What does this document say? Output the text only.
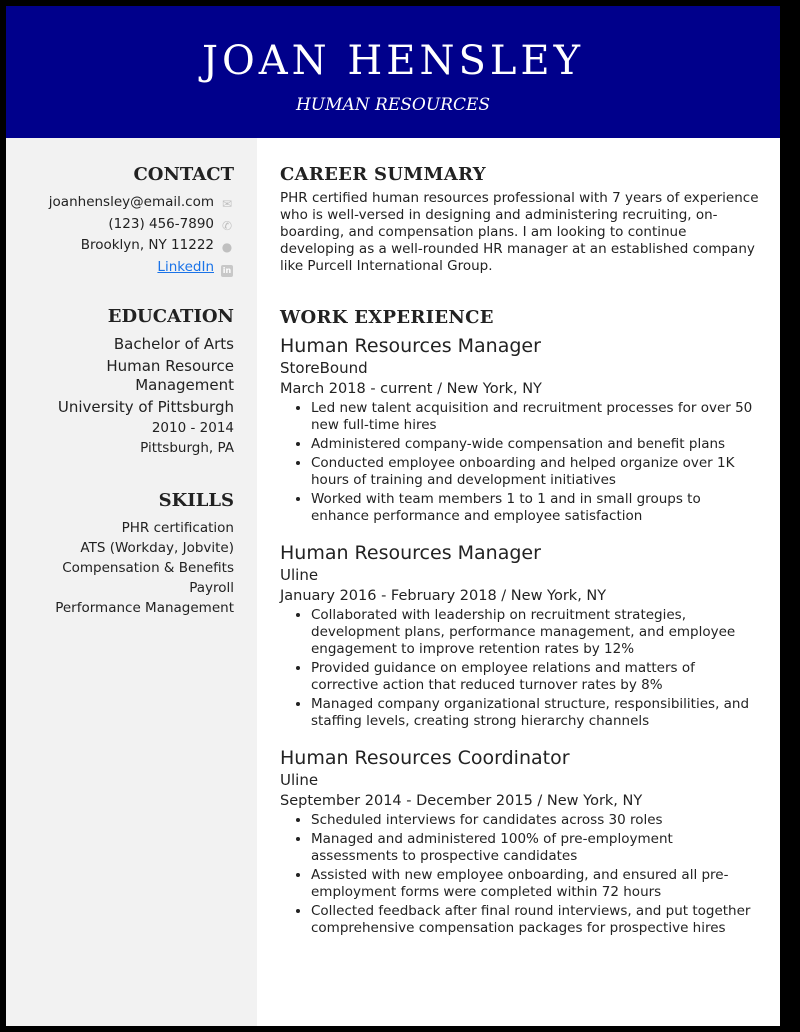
JOAN HENSLEY
HUMAN RESOURCES
CONTACT
joanhensley@email.com ✉
(123) 456-7890 ✆
Brooklyn, NY 11222 ●
LinkedIn in
EDUCATION
Bachelor of Arts
Human Resource
Management
University of Pittsburgh
2010 - 2014
Pittsburgh, PA
SKILLS
PHR certification
ATS (Workday, Jobvite)
Compensation & Benefits
Payroll
Performance Management
CAREER SUMMARY
PHR certified human resources professional with 7 years of experience who is well-versed in designing and administering recruiting, on-boarding, and compensation plans. I am looking to continue developing as a well-rounded HR manager at an established company like Purcell International Group.
WORK EXPERIENCE
Human Resources Manager
StoreBound
March 2018 - current / New York, NY
• Led new talent acquisition and recruitment processes for over 50 new full-time hires
• Administered company-wide compensation and benefit plans
• Conducted employee onboarding and helped organize over 1K hours of training and development initiatives
• Worked with team members 1 to 1 and in small groups to enhance performance and employee satisfaction
Human Resources Manager
Uline
January 2016 - February 2018 / New York, NY
• Collaborated with leadership on recruitment strategies, development plans, performance management, and employee engagement to improve retention rates by 12%
• Provided guidance on employee relations and matters of corrective action that reduced turnover rates by 8%
• Managed company organizational structure, responsibilities, and staffing levels, creating strong hierarchy channels
Human Resources Coordinator
Uline
September 2014 - December 2015 / New York, NY
• Scheduled interviews for candidates across 30 roles
• Managed and administered 100% of pre-employment assessments to prospective candidates
• Assisted with new employee onboarding, and ensured all pre-employment forms were completed within 72 hours
• Collected feedback after final round interviews, and put together comprehensive compensation packages for prospective hires
